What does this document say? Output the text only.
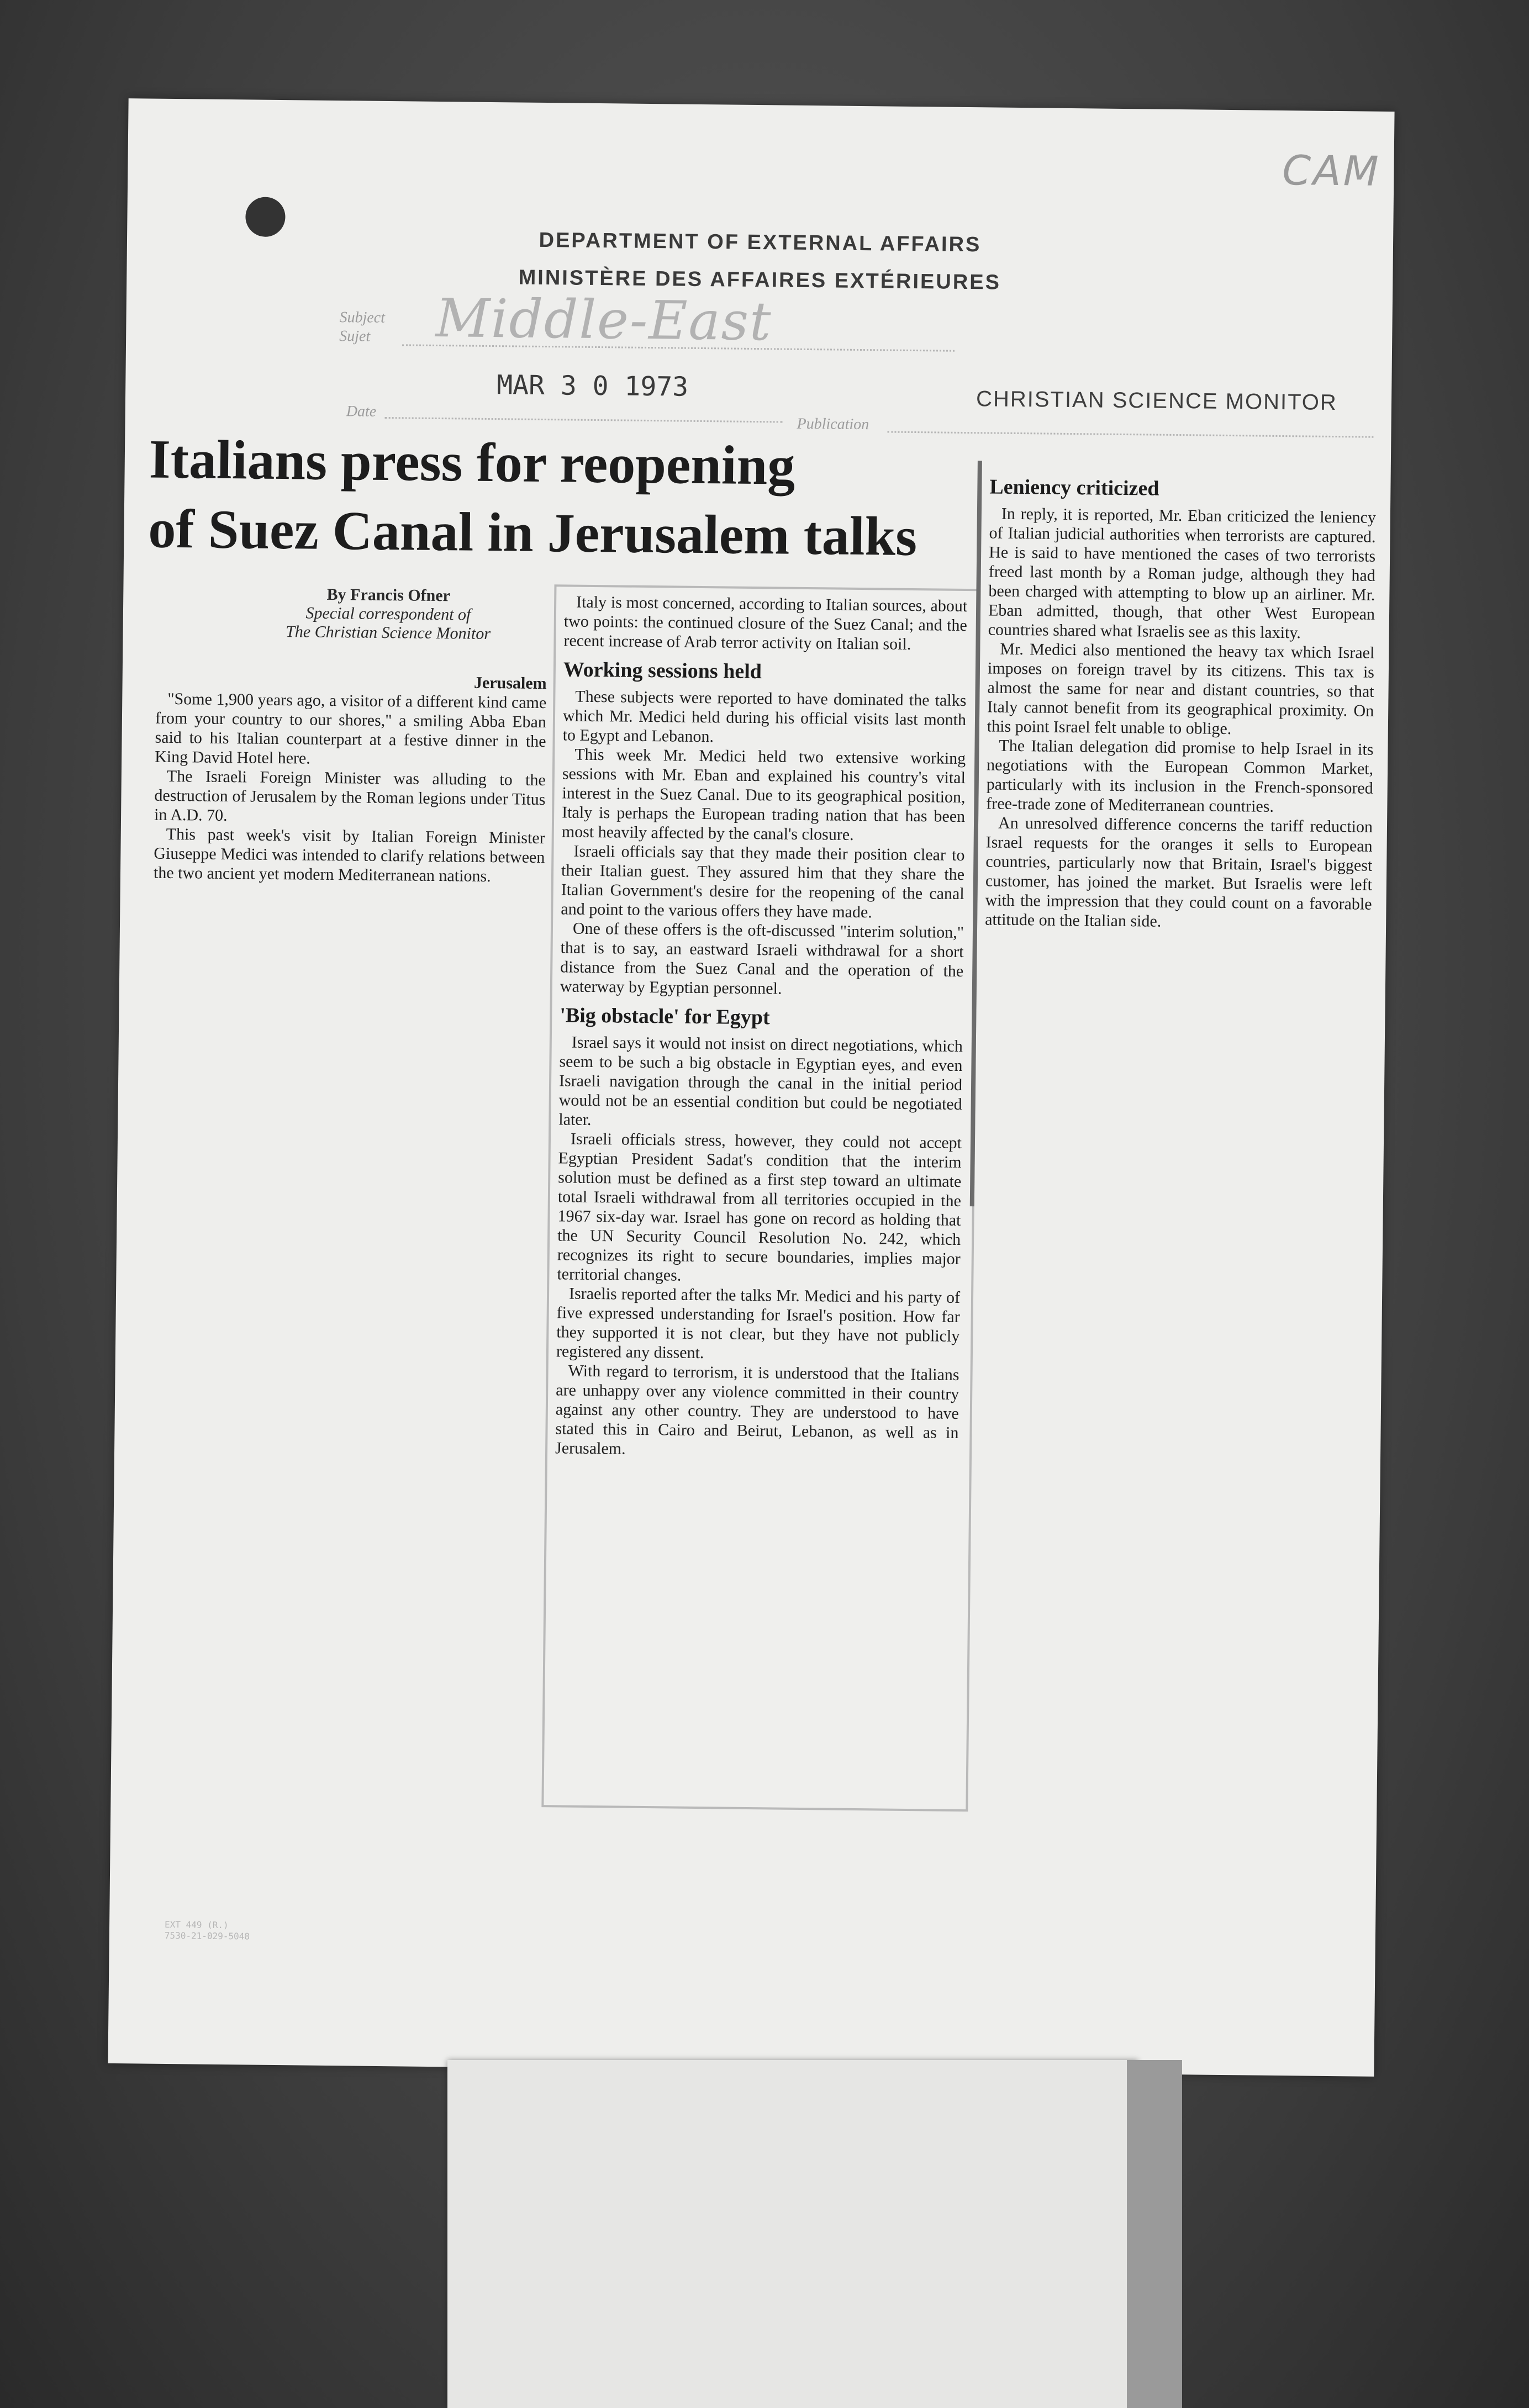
CAM
DEPARTMENT OF EXTERNAL AFFAIRS
MINISTÈRE DES AFFAIRES EXTÉRIEURES
Subject
Sujet Middle-East
MAR 3 0 1973	CHRISTIAN SCIENCE MONITOR
Date
Publication
Italians press for reopening
of Suez Canal in Jerusalem talks
By Francis Ofner
Special correspondent of
The Christian Science Monitor

Jerusalem

"Some 1,900 years ago, a visitor of a different kind came from your country to our shores," a smiling Abba Eban said to his Italian counterpart at a festive dinner in the King David Hotel here.

The Israeli Foreign Minister was alluding to the destruction of Jerusalem by the Roman legions under Titus in A.D. 70.

This past week's visit by Italian Foreign Minister Giuseppe Medici was intended to clarify relations between the two ancient yet modern Mediterranean nations.

Italy is most concerned, according to Italian sources, about two points: the continued closure of the Suez Canal; and the recent increase of Arab terror activity on Italian soil.

Working sessions held

These subjects were reported to have dominated the talks which Mr. Medici held during his official visits last month to Egypt and Lebanon.

This week Mr. Medici held two extensive working sessions with Mr. Eban and explained his country's vital interest in the Suez Canal. Due to its geographical position, Italy is perhaps the European trading nation that has been most heavily affected by the canal's closure.

Israeli officials say that they made their position clear to their Italian guest. They assured him that they share the Italian Government's desire for the reopening of the canal and point to the various offers they have made.

One of these offers is the oft-discussed "interim solution," that is to say, an eastward Israeli withdrawal for a short distance from the Suez Canal and the operation of the waterway by Egyptian personnel.

'Big obstacle' for Egypt

Israel says it would not insist on direct negotiations, which seem to be such a big obstacle in Egyptian eyes, and even Israeli navigation through the canal in the initial period would not be an essential condition but could be negotiated later.

Israeli officials stress, however, they could not accept Egyptian President Sadat's condition that the interim solution must be defined as a first step toward an ultimate total Israeli withdrawal from all territories occupied in the 1967 six-day war. Israel has gone on record as holding that the UN Security Council Resolution No. 242, which recognizes its right to secure boundaries, implies major territorial changes.

Israelis reported after the talks Mr. Medici and his party of five expressed understanding for Israel's position. How far they supported it is not clear, but they have not publicly registered any dissent.

With regard to terrorism, it is understood that the Italians are unhappy over any violence committed in their country against any other country. They are understood to have stated this in Cairo and Beirut, Lebanon, as well as in Jerusalem.

Leniency criticized

In reply, it is reported, Mr. Eban criticized the leniency of Italian judicial authorities when terrorists are captured. He is said to have mentioned the cases of two terrorists freed last month by a Roman judge, although they had been charged with attempting to blow up an airliner. Mr. Eban admitted, though, that other West European countries shared what Israelis see as this laxity.

Mr. Medici also mentioned the heavy tax which Israel imposes on foreign travel by its citizens. This tax is almost the same for near and distant countries, so that Italy cannot benefit from its geographical proximity. On this point Israel felt unable to oblige.

The Italian delegation did promise to help Israel in its negotiations with the European Common Market, particularly with its inclusion in the French-sponsored free-trade zone of Mediterranean countries.

An unresolved difference concerns the tariff reduction Israel requests for the oranges it sells to European countries, particularly now that Britain, Israel's biggest customer, has joined the market. But Israelis were left with the impression that they could count on a favorable attitude on the Italian side.

EXT 449 (R.)
7530-21-029-5048
